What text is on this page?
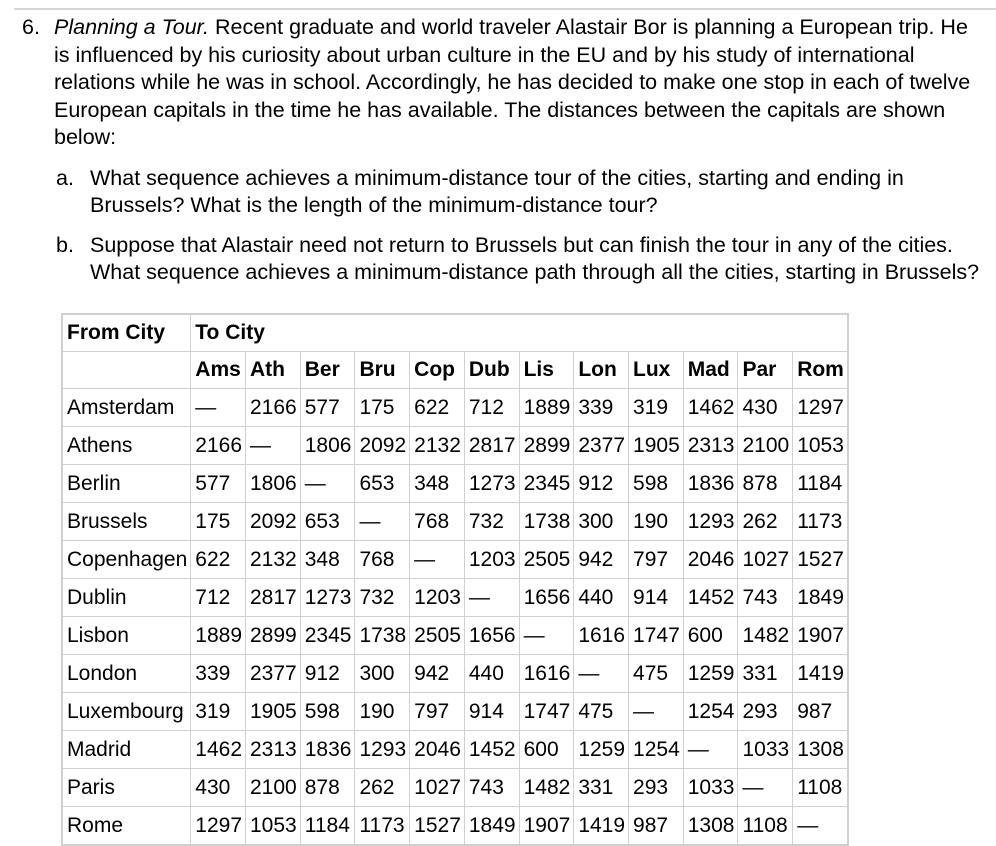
6. Planning a Tour. Recent graduate and world traveler Alastair Bor is planning a European trip. He is influenced by his curiosity about urban culture in the EU and by his study of international relations while he was in school. Accordingly, he has decided to make one stop in each of twelve European capitals in the time he has available. The distances between the capitals are shown below:
a. What sequence achieves a minimum-distance tour of the cities, starting and ending in Brussels? What is the length of the minimum-distance tour?
b. Suppose that Alastair need not return to Brussels but can finish the tour in any of the cities. What sequence achieves a minimum-distance path through all the cities, starting in Brussels?
From City	To City											
	Ams	Ath	Ber	Bru	Cop	Dub	Lis	Lon	Lux	Mad	Par	Rom
Amsterdam	—	2166	577	175	622	712	1889	339	319	1462	430	1297
Athens	2166	—	1806	2092	2132	2817	2899	2377	1905	2313	2100	1053
Berlin	577	1806	—	653	348	1273	2345	912	598	1836	878	1184
Brussels	175	2092	653	—	768	732	1738	300	190	1293	262	1173
Copenhagen	622	2132	348	768	—	1203	2505	942	797	2046	1027	1527
Dublin	712	2817	1273	732	1203	—	1656	440	914	1452	743	1849
Lisbon	1889	2899	2345	1738	2505	1656	—	1616	1747	600	1482	1907
London	339	2377	912	300	942	440	1616	—	475	1259	331	1419
Luxembourg	319	1905	598	190	797	914	1747	475	—	1254	293	987
Madrid	1462	2313	1836	1293	2046	1452	600	1259	1254	—	1033	1308
Paris	430	2100	878	262	1027	743	1482	331	293	1033	—	1108
Rome	1297	1053	1184	1173	1527	1849	1907	1419	987	1308	1108	—
